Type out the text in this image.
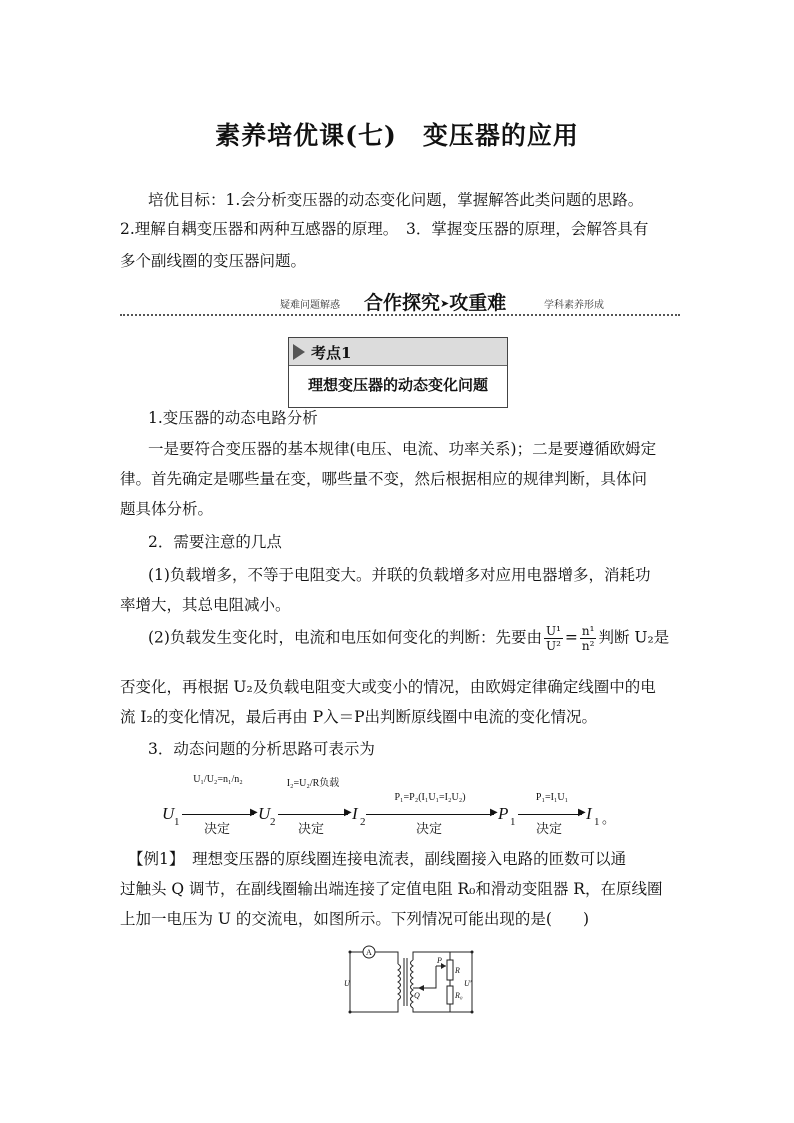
素养培优课(七)　变压器的应用
培优目标：1.会分析变压器的动态变化问题，掌握解答此类问题的思路。
2.理解自耦变压器和两种互感器的原理。　3．掌握变压器的原理，会解答具有
多个副线圈的变压器问题。
疑难问题解惑 合作探究➤攻重难	学科素养形成
考点1
理想变压器的动态变化问题
1.变压器的动态电路分析
一是要符合变压器的基本规律(电压、电流、功率关系)；二是要遵循欧姆定
律。首先确定是哪些量在变，哪些量不变，然后根据相应的规律判断，具体问
题具体分析。
2．需要注意的几点
(1)负载增多，不等于电阻变大。并联的负载增多对应用电器增多，消耗功
率增大，其总电阻减小。
(2)负载发生变化时，电流和电压如何变化的判断：先要由 $\frac{\text{U¹}}{\text{U²}} = \frac{\text{n¹}}{\text{n²}}$ 判断 U₂是
否变化，再根据 U₂及负载电阻变大或变小的情况，由欧姆定律确定线圈中的电
流 I₂的变化情况，最后再由 P入＝P出判断原线圈中电流的变化情况。
3．动态问题的分析思路可表示为
U 1
U₁/U₂=n₁/n₂
▶
决定
U 2
I₂=U₂/R负载
▶
决定
I 2
P₁=P₂(I₁U₁=I₂U₂)
▶
决定
P 1
P₁=I₁U₁
▶
决定
I 1 。
【例1】　理想变压器的原线圈连接电流表，副线圈接入电路的匝数可以通
过触头 Q 调节，在副线圈输出端连接了定值电阻 R₀和滑动变阻器 R，在原线圈
上加一电压为 U 的交流电，如图所示。下列情况可能出现的是(　　)
A
U
Q
P
R
R₀
U′
